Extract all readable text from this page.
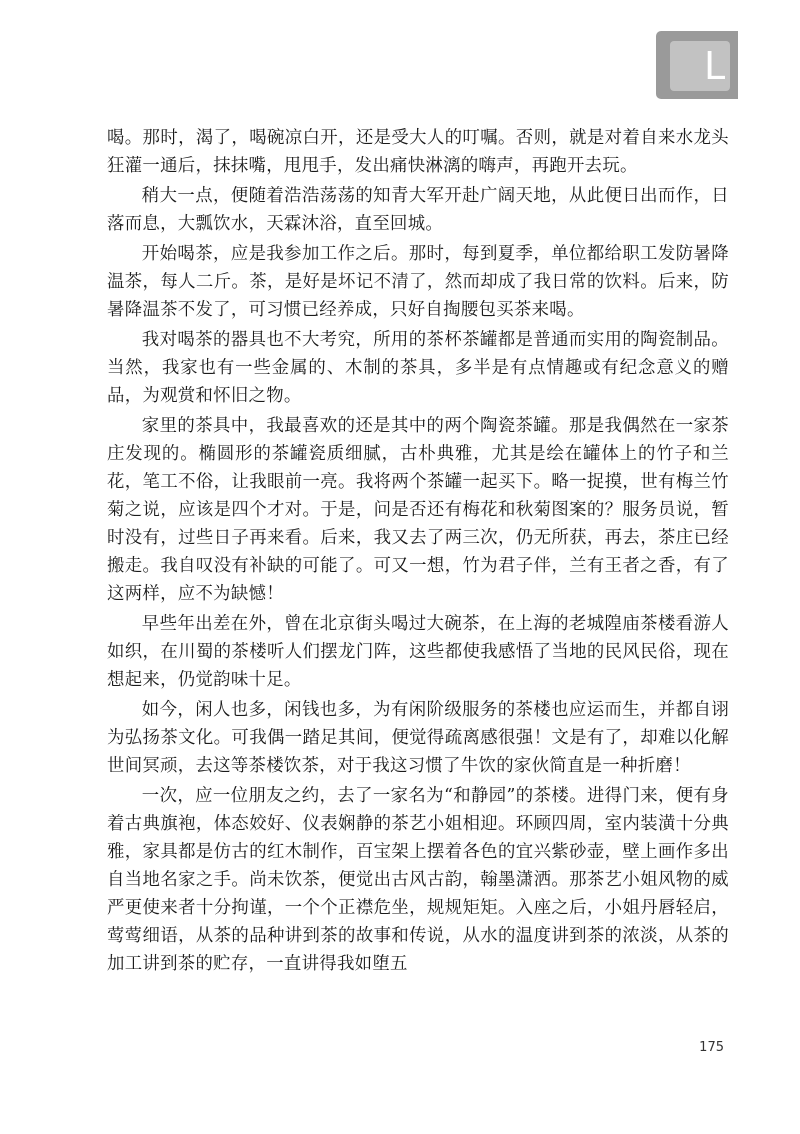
L

喝。那时，渴了，喝碗凉白开，还是受大人的叮嘱。否则，就是对着自来水龙头狂灌一通后，抹抹嘴，甩甩手，发出痛快淋漓的嗨声，再跑开去玩。

稍大一点，便随着浩浩荡荡的知青大军开赴广阔天地，从此便日出而作，日落而息，大瓢饮水，天霖沐浴，直至回城。

开始喝茶，应是我参加工作之后。那时，每到夏季，单位都给职工发防暑降温茶，每人二斤。茶，是好是坏记不清了，然而却成了我日常的饮料。后来，防暑降温茶不发了，可习惯已经养成，只好自掏腰包买茶来喝。

我对喝茶的器具也不大考究，所用的茶杯茶罐都是普通而实用的陶瓷制品。当然，我家也有一些金属的、木制的茶具，多半是有点情趣或有纪念意义的赠品，为观赏和怀旧之物。

家里的茶具中，我最喜欢的还是其中的两个陶瓷茶罐。那是我偶然在一家茶庄发现的。椭圆形的茶罐瓷质细腻，古朴典雅，尤其是绘在罐体上的竹子和兰花，笔工不俗，让我眼前一亮。我将两个茶罐一起买下。略一捉摸，世有梅兰竹菊之说，应该是四个才对。于是，问是否还有梅花和秋菊图案的？服务员说，暂时没有，过些日子再来看。后来，我又去了两三次，仍无所获，再去，茶庄已经搬走。我自叹没有补缺的可能了。可又一想，竹为君子伴，兰有王者之香，有了这两样，应不为缺憾！

早些年出差在外，曾在北京街头喝过大碗茶，在上海的老城隍庙茶楼看游人如织，在川蜀的茶楼听人们摆龙门阵，这些都使我感悟了当地的民风民俗，现在想起来，仍觉韵味十足。

如今，闲人也多，闲钱也多，为有闲阶级服务的茶楼也应运而生，并都自诩为弘扬茶文化。可我偶一踏足其间，便觉得疏离感很强！文是有了，却难以化解世间冥顽，去这等茶楼饮茶，对于我这习惯了牛饮的家伙简直是一种折磨！

一次，应一位朋友之约，去了一家名为“和静园”的茶楼。进得门来，便有身着古典旗袍，体态姣好、仪表娴静的茶艺小姐相迎。环顾四周，室内装潢十分典雅，家具都是仿古的红木制作，百宝架上摆着各色的宜兴紫砂壶，壁上画作多出自当地名家之手。尚未饮茶，便觉出古风古韵，翰墨潇洒。那茶艺小姐风物的威严更使来者十分拘谨，一个个正襟危坐，规规矩矩。入座之后，小姐丹唇轻启，莺莺细语，从茶的品种讲到茶的故事和传说，从水的温度讲到茶的浓淡，从茶的加工讲到茶的贮存，一直讲得我如堕五

175
